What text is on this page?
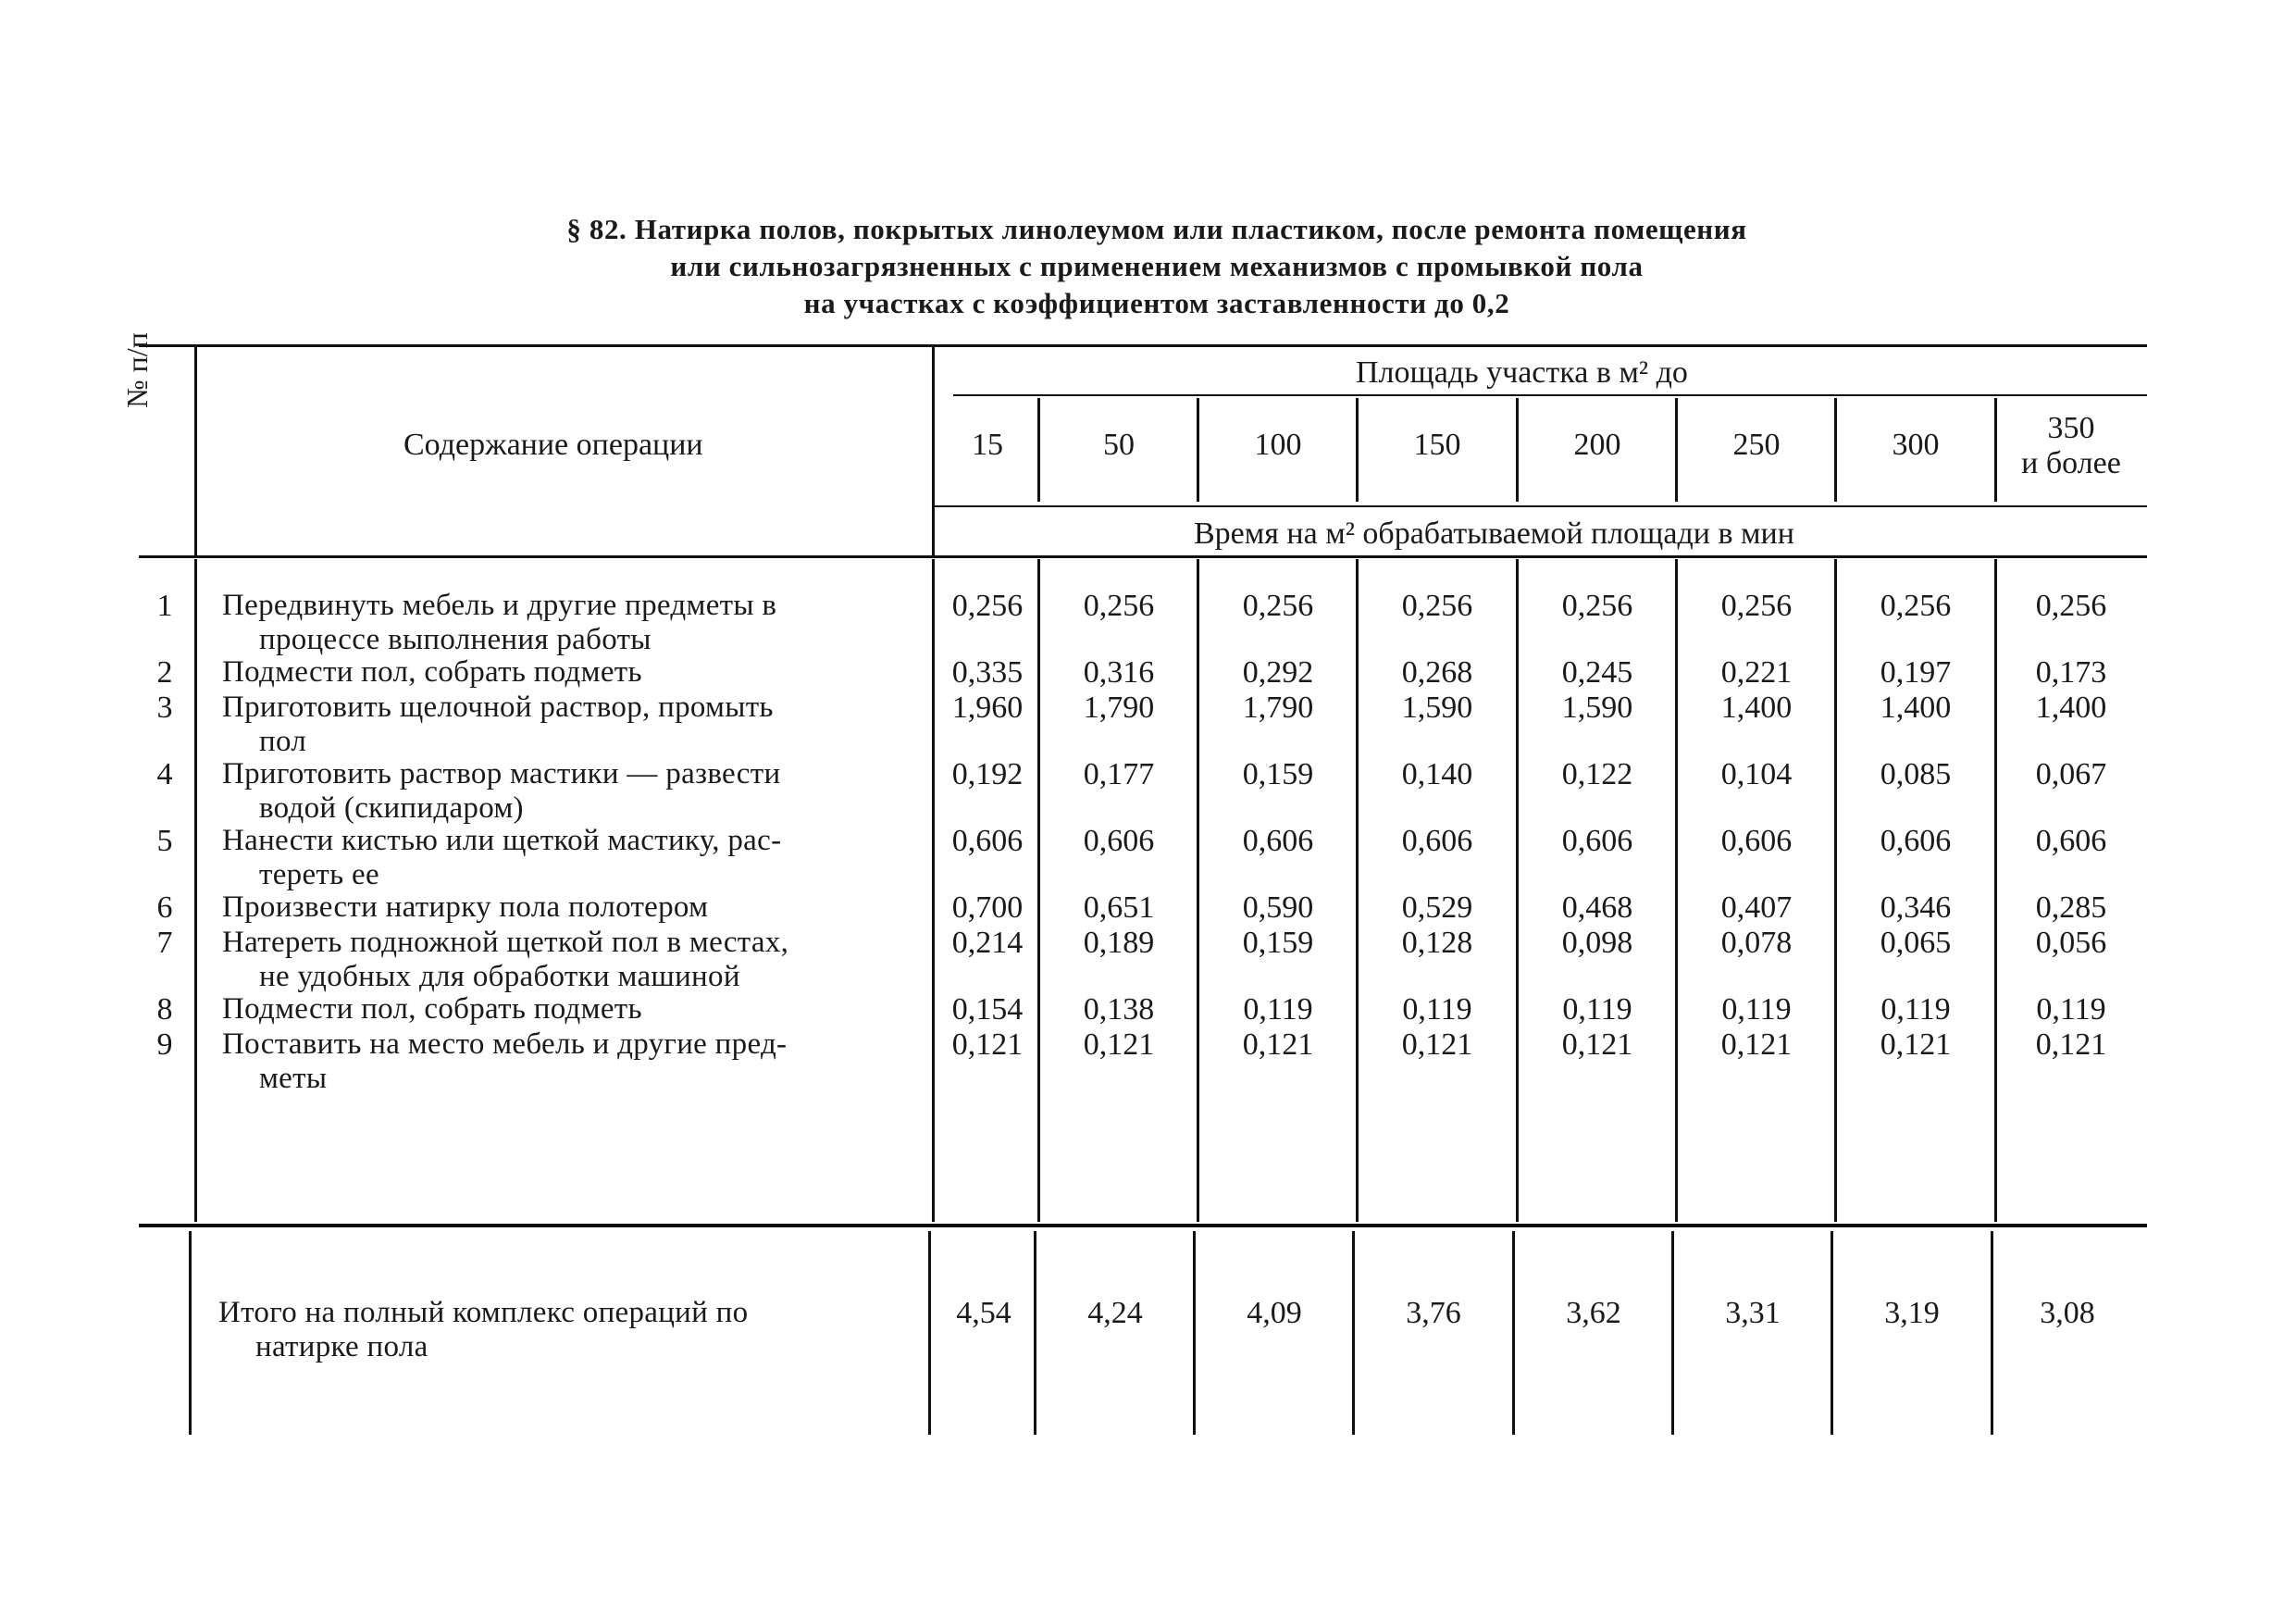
§ 82. Натирка полов, покрытых линолеумом или пластиком, после ремонта помещения
или сильнозагрязненных с применением механизмов с промывкой пола
на участках с коэффициентом заставленности до 0,2
№ п/п
Содержание операции
Площадь участка в м² до
Время на м² обрабатываемой площади в мин
15	50	100	150	200	250	300	350
и более
1	Передвинуть мебель и другие предметы в
процессе выполнения работы
0,256	0,256	0,256	0,256	0,256	0,256	0,256	0,256
2	Подмести пол, собрать подметь	0,335	0,316	0,292	0,268	0,245	0,221	0,197	0,173
3	Приготовить щелочной раствор, промыть
пол
1,960	1,790	1,790	1,590	1,590	1,400	1,400	1,400
4	Приготовить раствор мастики — развести
водой (скипидаром)
0,192	0,177	0,159	0,140	0,122	0,104	0,085	0,067
5	Нанести кистью или щеткой мастику, рас-
тереть ее
0,606	0,606	0,606	0,606	0,606	0,606	0,606	0,606
6	Произвести натирку пола полотером	0,700	0,651	0,590	0,529	0,468	0,407	0,346	0,285
7	Натереть подножной щеткой пол в местах,
не удобных для обработки машиной
0,214	0,189	0,159	0,128	0,098	0,078	0,065	0,056
8	Подмести пол, собрать подметь	0,154	0,138	0,119	0,119	0,119	0,119	0,119	0,119
9	Поставить на место мебель и другие пред-
меты
0,121	0,121	0,121	0,121	0,121	0,121	0,121	0,121
Итого на полный комплекс операций по
натирке пола
4,54	4,24	4,09	3,76	3,62	3,31	3,19	3,08
